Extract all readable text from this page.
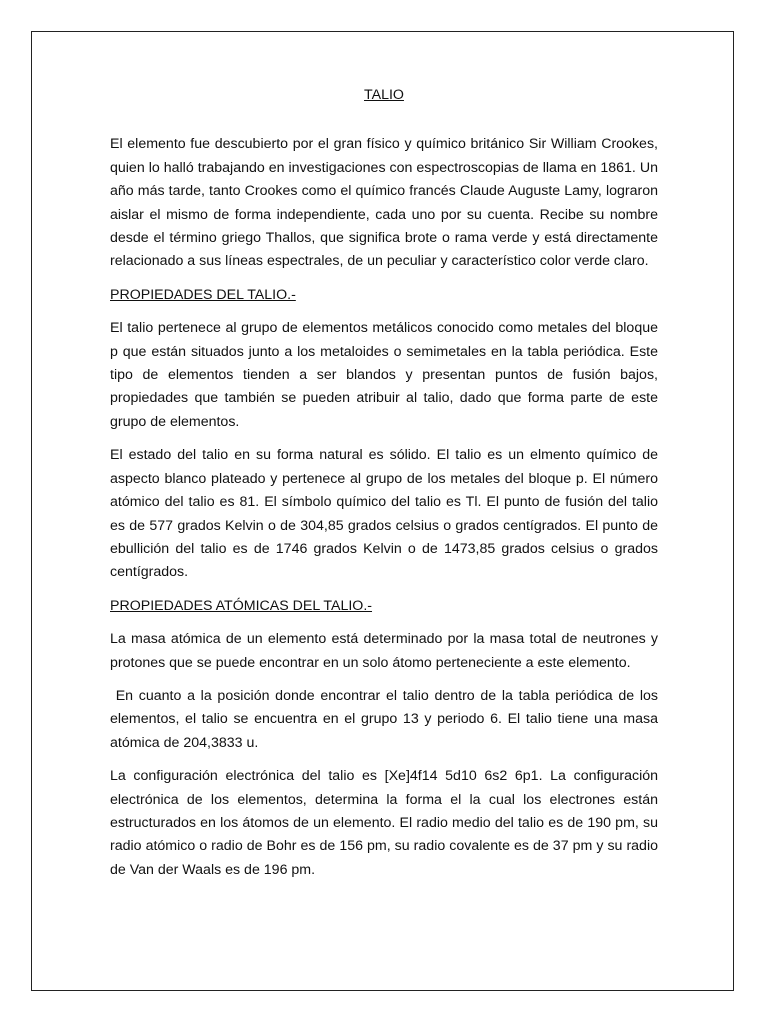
TALIO

El elemento fue descubierto por el gran físico y químico británico Sir William Crookes, quien lo halló trabajando en investigaciones con espectroscopias de llama en 1861. Un año más tarde, tanto Crookes como el químico francés Claude Auguste Lamy, lograron aislar el mismo de forma independiente, cada uno por su cuenta. Recibe su nombre desde el término griego Thallos, que significa brote o rama verde y está directamente relacionado a sus líneas espectrales, de un peculiar y característico color verde claro.

PROPIEDADES DEL TALIO.-

El talio pertenece al grupo de elementos metálicos conocido como metales del bloque p que están situados junto a los metaloides o semimetales en la tabla periódica. Este tipo de elementos tienden a ser blandos y presentan puntos de fusión bajos, propiedades que también se pueden atribuir al talio, dado que forma parte de este grupo de elementos.

El estado del talio en su forma natural es sólido. El talio es un elmento químico de aspecto blanco plateado y pertenece al grupo de los metales del bloque p. El número atómico del talio es 81. El símbolo químico del talio es Tl. El punto de fusión del talio es de 577 grados Kelvin o de 304,85 grados celsius o grados centígrados. El punto de ebullición del talio es de 1746 grados Kelvin o de 1473,85 grados celsius o grados centígrados.

PROPIEDADES ATÓMICAS DEL TALIO.-

La masa atómica de un elemento está determinado por la masa total de neutrones y protones que se puede encontrar en un solo átomo perteneciente a este elemento.

En cuanto a la posición donde encontrar el talio dentro de la tabla periódica de los elementos, el talio se encuentra en el grupo 13 y periodo 6. El talio tiene una masa atómica de 204,3833 u.

La configuración electrónica del talio es [Xe]4f14 5d10 6s2 6p1. La configuración electrónica de los elementos, determina la forma el la cual los electrones están estructurados en los átomos de un elemento. El radio medio del talio es de 190 pm, su radio atómico o radio de Bohr es de 156 pm, su radio covalente es de 37 pm y su radio de Van der Waals es de 196 pm.
